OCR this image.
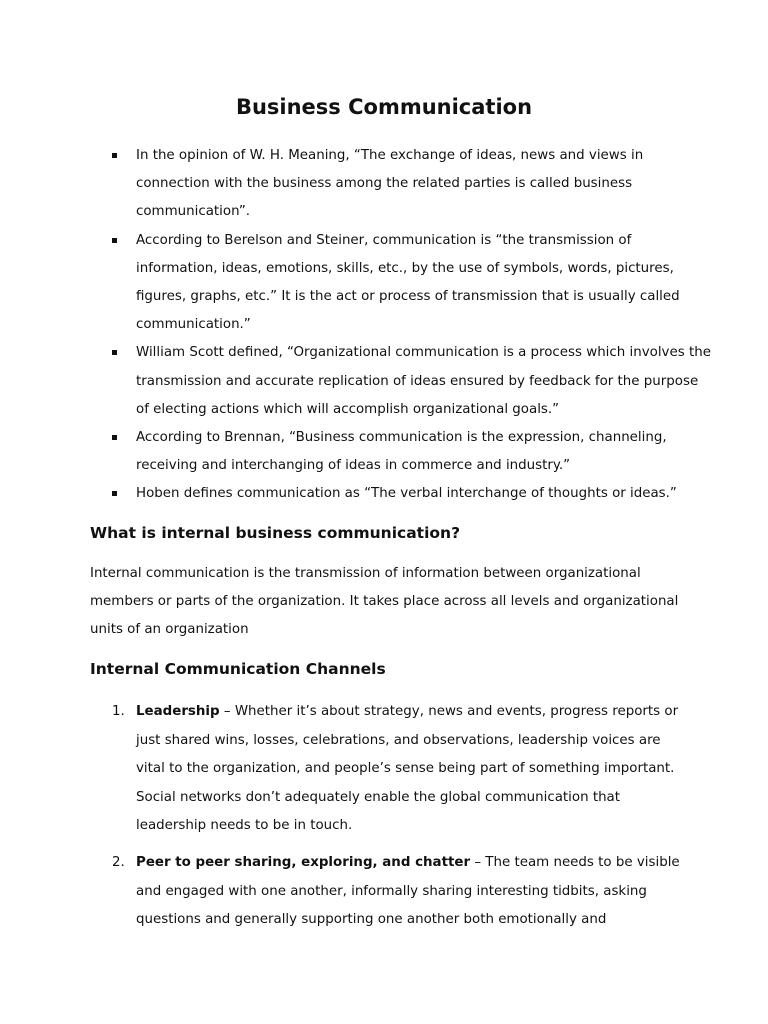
Business Communication
In the opinion of W. H. Meaning, “The exchange of ideas, news and views in connection with the business among the related parties is called business communication”.
According to Berelson and Steiner, communication is “the transmission of information, ideas, emotions, skills, etc., by the use of symbols, words, pictures, figures, graphs, etc.” It is the act or process of transmission that is usually called communication.”
William Scott defined, “Organizational communication is a process which involves the transmission and accurate replication of ideas ensured by feedback for the purpose of electing actions which will accomplish organizational goals.”
According to Brennan, “Business communication is the expression, channeling, receiving and interchanging of ideas in commerce and industry.”
Hoben defines communication as “The verbal interchange of thoughts or ideas.”
What is internal business communication?

Internal communication is the transmission of information between organizational members or parts of the organization. It takes place across all levels and organizational units of an organization

Internal Communication Channels
1. Leadership – Whether it’s about strategy, news and events, progress reports or just shared wins, losses, celebrations, and observations, leadership voices are vital to the organization, and people’s sense being part of something important. Social networks don’t adequately enable the global communication that leadership needs to be in touch.
2. Peer to peer sharing, exploring, and chatter – The team needs to be visible and engaged with one another, informally sharing interesting tidbits, asking questions and generally supporting one another both emotionally and
